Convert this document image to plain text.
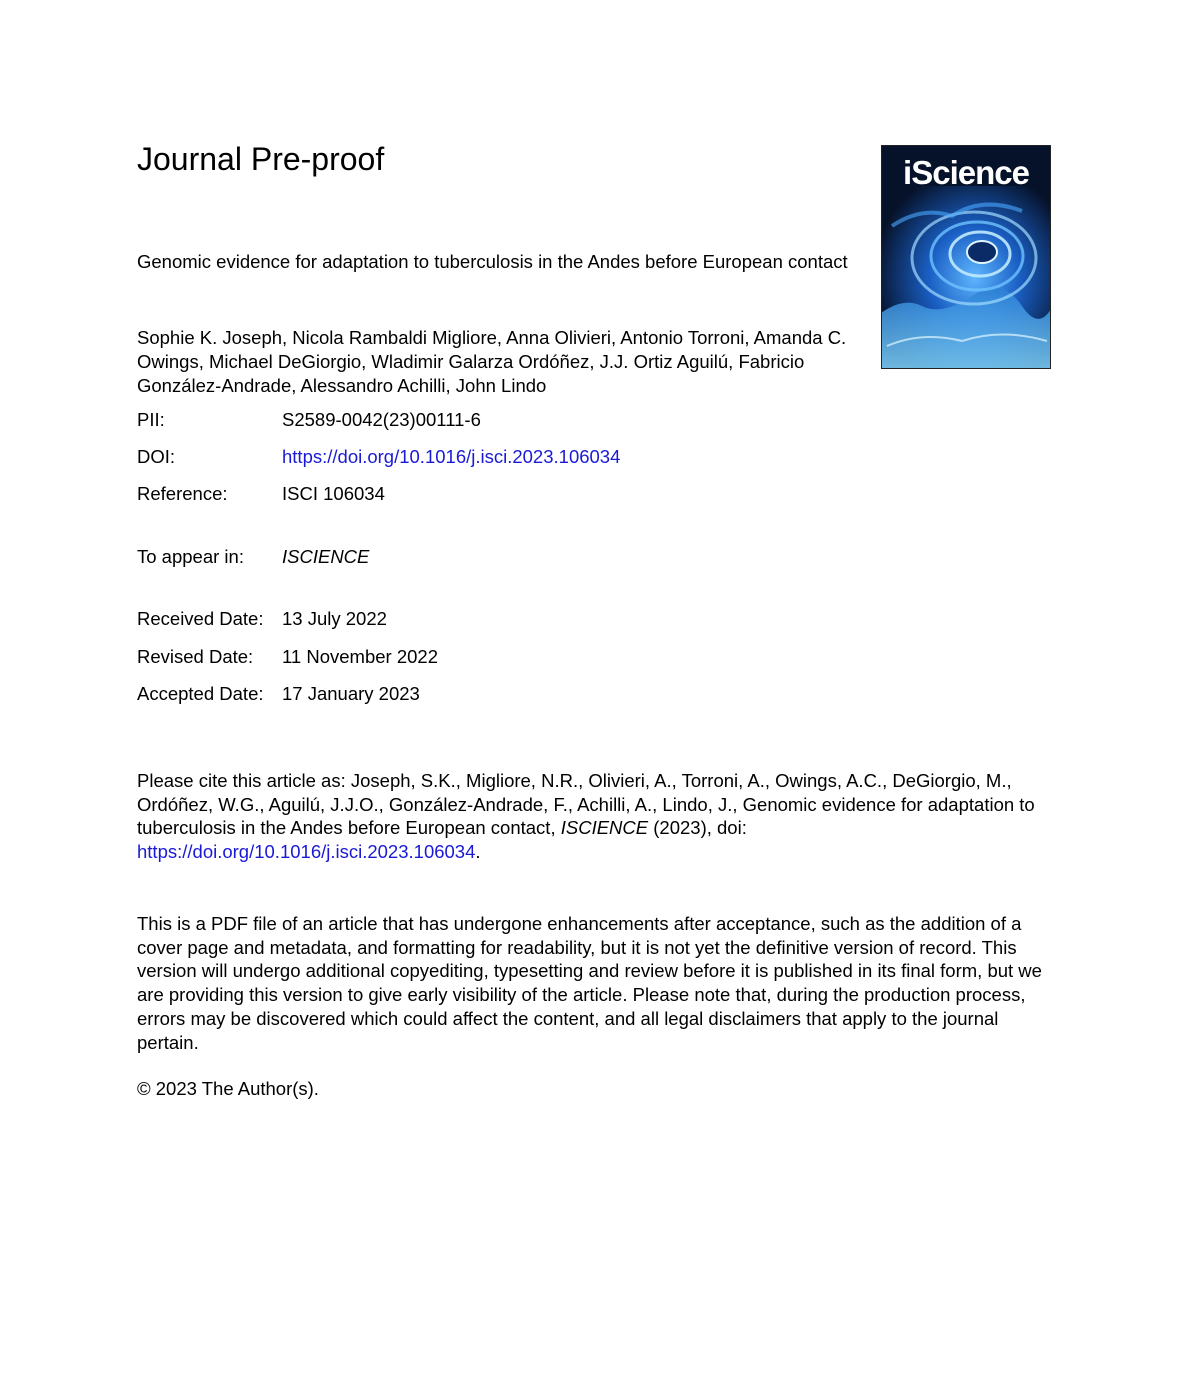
Journal Pre-proof	iScience
Genomic evidence for adaptation to tuberculosis in the Andes before European contact
Sophie K. Joseph, Nicola Rambaldi Migliore, Anna Olivieri, Antonio Torroni, Amanda C. Owings, Michael DeGiorgio, Wladimir Galarza Ordóñez, J.J. Ortiz Aguilú, Fabricio González-Andrade, Alessandro Achilli, John Lindo
PII:	S2589-0042(23)00111-6
DOI:	https://doi.org/10.1016/j.isci.2023.106034
Reference:	ISCI 106034
To appear in: ISCIENCE
Received Date: 13 July 2022
Revised Date: 11 November 2022
Accepted Date: 17 January 2023
Please cite this article as: Joseph, S.K., Migliore, N.R., Olivieri, A., Torroni, A., Owings, A.C., DeGiorgio, M., Ordóñez, W.G., Aguilú, J.J.O., González-Andrade, F., Achilli, A., Lindo, J., Genomic evidence for adaptation to tuberculosis in the Andes before European contact, ISCIENCE (2023), doi: https://doi.org/10.1016/j.isci.2023.106034.
This is a PDF file of an article that has undergone enhancements after acceptance, such as the addition of a cover page and metadata, and formatting for readability, but it is not yet the definitive version of record. This version will undergo additional copyediting, typesetting and review before it is published in its final form, but we are providing this version to give early visibility of the article. Please note that, during the production process, errors may be discovered which could affect the content, and all legal disclaimers that apply to the journal pertain.
© 2023 The Author(s).
